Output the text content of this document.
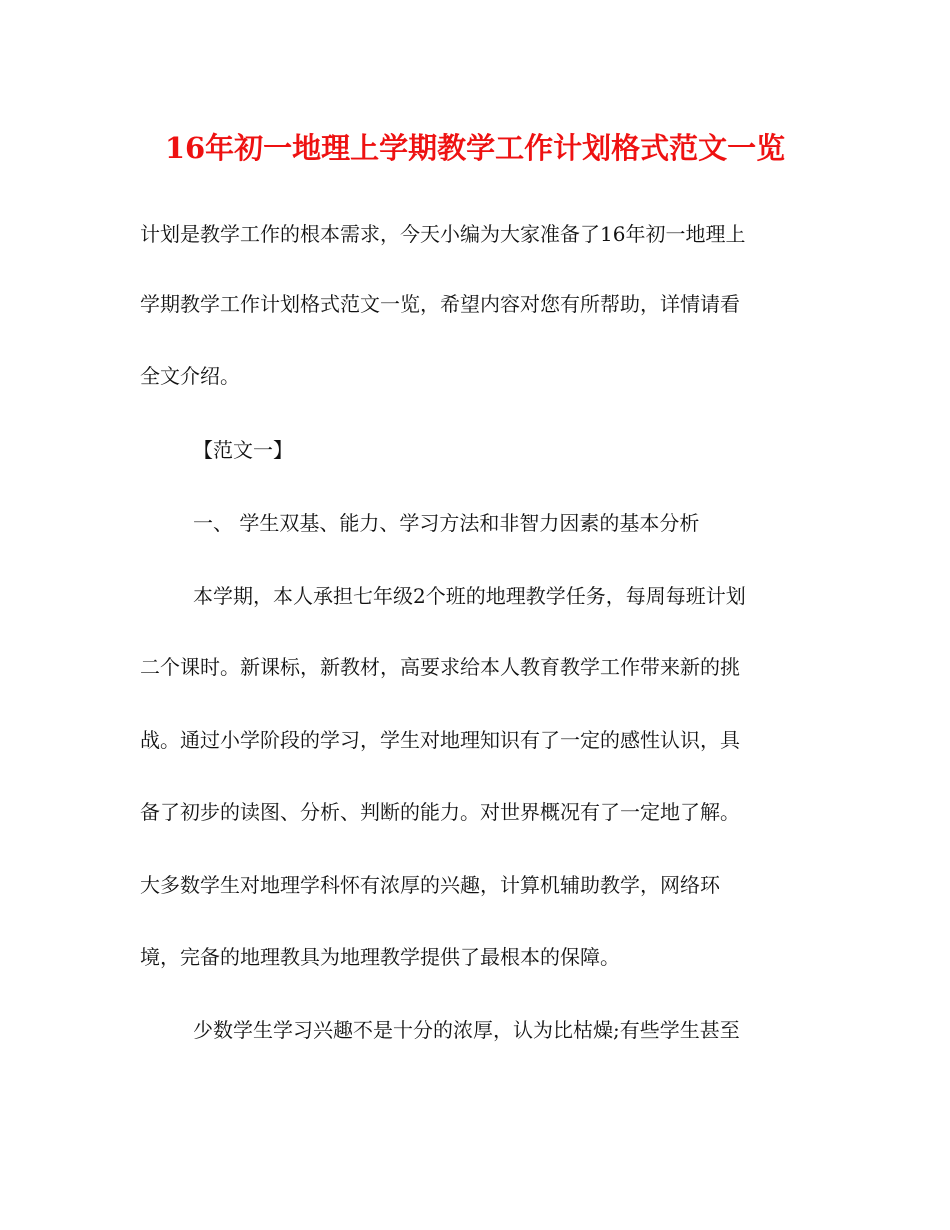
16年初一地理上学期教学工作计划格式范文一览
计划是教学工作的根本需求，今天小编为大家准备了16年初一地理上
学期教学工作计划格式范文一览，希望内容对您有所帮助，详情请看
全文介绍。
【范文一】
一、 学生双基、能力、学习方法和非智力因素的基本分析
本学期，本人承担七年级2个班的地理教学任务，每周每班计划
二个课时。新课标，新教材，高要求给本人教育教学工作带来新的挑
战。通过小学阶段的学习，学生对地理知识有了一定的感性认识，具
备了初步的读图、分析、判断的能力。对世界概况有了一定地了解。
大多数学生对地理学科怀有浓厚的兴趣，计算机辅助教学，网络环
境，完备的地理教具为地理教学提供了最根本的保障。
少数学生学习兴趣不是十分的浓厚，认为比枯燥;有些学生甚至
